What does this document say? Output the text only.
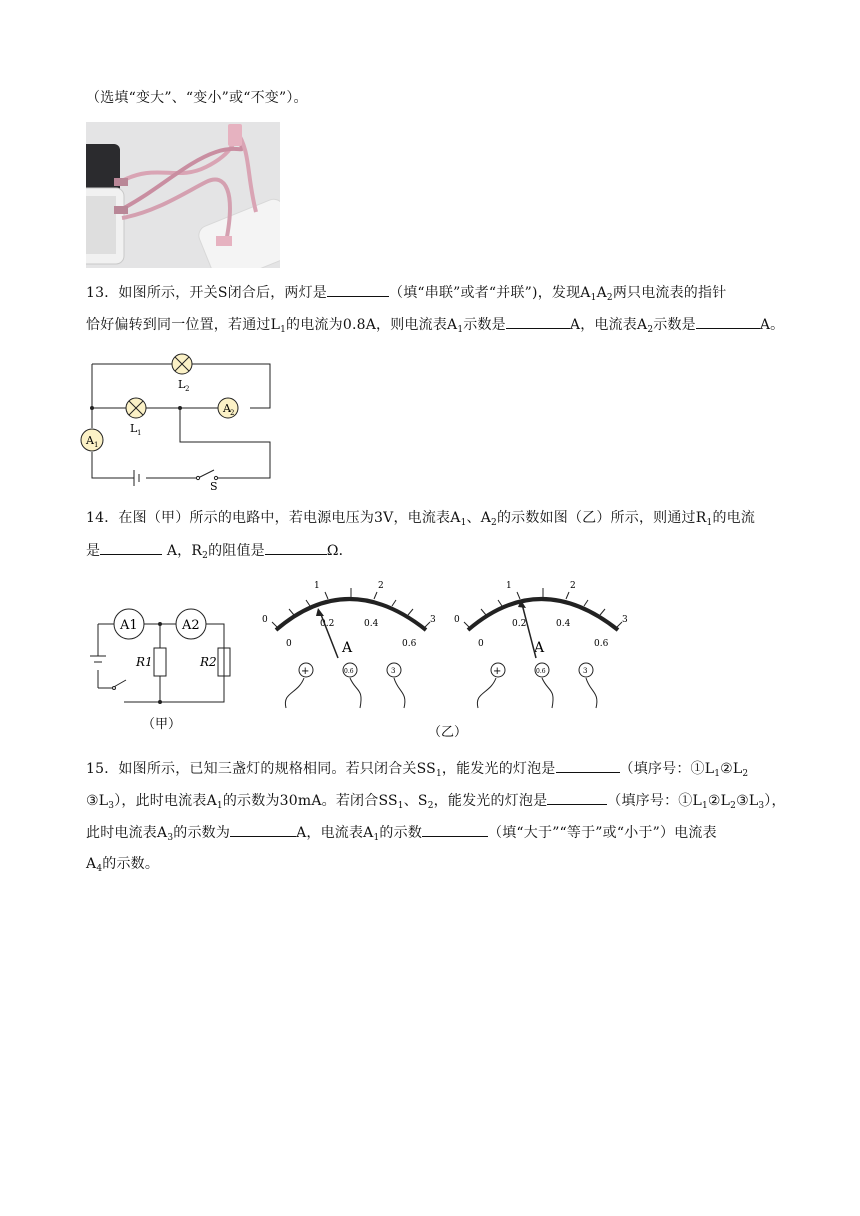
（选填“变大”、“变小”或“不变”）。
13．如图所示，开关S闭合后，两灯是	（填“串联”或者“并联”)，发现$A_1A_2$两只电流表的指针
恰好偏转到同一位置，若通过$L_1$的电流为0.8A，则电流表$A_1$示数是	A，电流表$A_2$示数是	A。
L 2
L 1
A 2
A 1
S
14．在图（甲）所示的电路中，若电源电压为3V，电流表$A_1$、$A_2$的示数如图（乙）所示，则通过$R_1$的电流
是	A，$R_2$的阻值是	Ω．
A1	A2
R1	R2
（甲）
0
1	2
3
0
0.2	0.4
0.6
A
+	0.6	3
0
1	2
3
0
0.2	0.4
0.6
A
+	0.6	3
（乙）
15．如图所示，已知三盏灯的规格相同。若只闭合关$SS_1$，能发光的灯泡是	（填序号：$①L_1②L_2$
$③L_3$），此时电流表$A_1$的示数为30mA。若闭合$SS_1$、$S_2$，能发光的灯泡是	（填序号：$①L_1②L_2③L_3$），
此时电流表$A_3$的示数为	A，电流表$A_1$的示数	（填“大于”“等于”或“小于”）电流表
$A_4$的示数。
